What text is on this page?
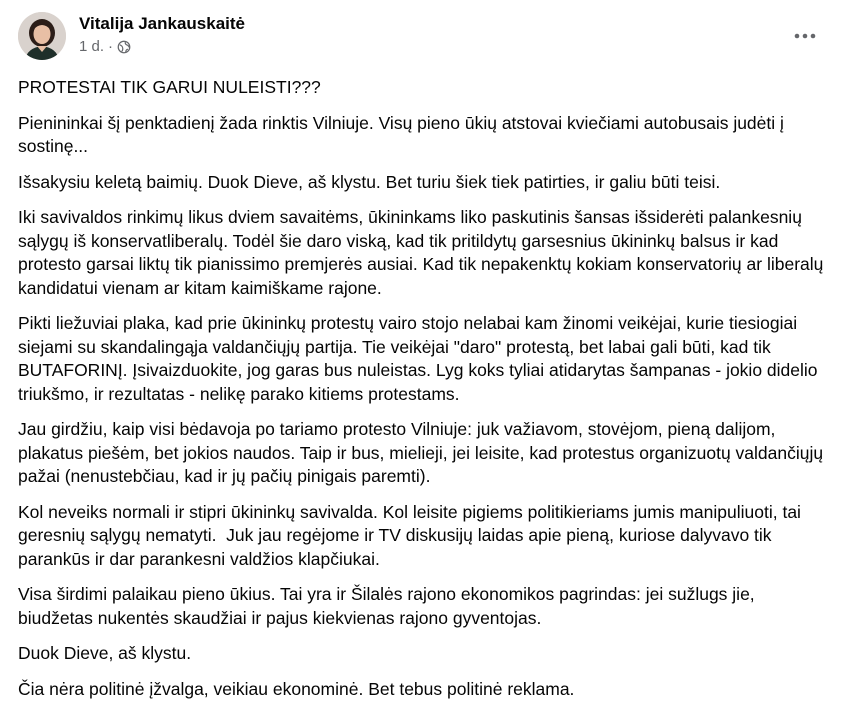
Vitalija Jankauskaitė
1 d. ·

PROTESTAI TIK GARUI NULEISTI???

Pienininkai šį penktadienį žada rinktis Vilniuje. Visų pieno ūkių atstovai kviečiami autobusais judėti į sostinę...

Išsakysiu keletą baimių. Duok Dieve, aš klystu. Bet turiu šiek tiek patirties, ir galiu būti teisi.

Iki savivaldos rinkimų likus dviem savaitėms, ūkininkams liko paskutinis šansas išsiderėti palankesnių sąlygų iš konservatliberalų. Todėl šie daro viską, kad tik pritildytų garsesnius ūkininkų balsus ir kad protesto garsai liktų tik pianissimo premjerės ausiai. Kad tik nepakenktų kokiam konservatorių ar liberalų kandidatui vienam ar kitam kaimiškame rajone.

Pikti liežuviai plaka, kad prie ūkininkų protestų vairo stojo nelabai kam žinomi veikėjai, kurie tiesiogiai siejami su skandalingąja valdančiųjų partija. Tie veikėjai "daro" protestą, bet labai gali būti, kad tik BUTAFORINĮ. Įsivaizduokite, jog garas bus nuleistas. Lyg koks tyliai atidarytas šampanas - jokio didelio triukšmo, ir rezultatas - nelikę parako kitiems protestams.

Jau girdžiu, kaip visi bėdavoja po tariamo protesto Vilniuje: juk važiavom, stovėjom, pieną dalijom, plakatus piešėm, bet jokios naudos. Taip ir bus, mielieji, jei leisite, kad protestus organizuotų valdančiųjų pažai (nenustebčiau, kad ir jų pačių pinigais paremti).

Kol neveiks normali ir stipri ūkininkų savivalda. Kol leisite pigiems politikieriams jumis manipuliuoti, tai geresnių sąlygų nematyti.  Juk jau regėjome ir TV diskusijų laidas apie pieną, kuriose dalyvavo tik parankūs ir dar parankesni valdžios klapčiukai.

Visa širdimi palaikau pieno ūkius. Tai yra ir Šilalės rajono ekonomikos pagrindas: jei sužlugs jie, biudžetas nukentės skaudžiai ir pajus kiekvienas rajono gyventojas.

Duok Dieve, aš klystu.

Čia nėra politinė įžvalga, veikiau ekonominė. Bet tebus politinė reklama.
